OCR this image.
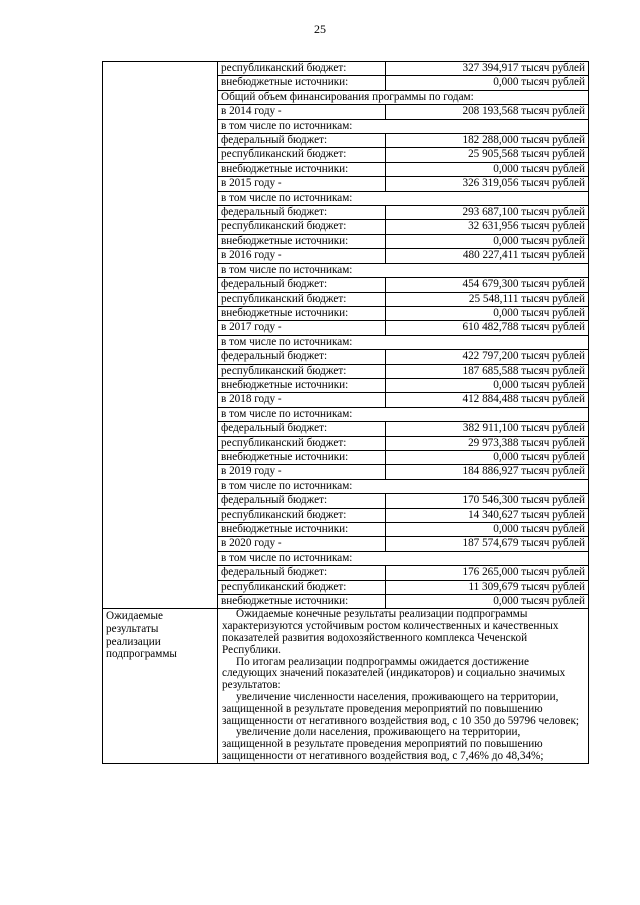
25
	республиканский бюджет:	327 394,917 тысяч рублей
	внебюджетные источники:	0,000 тысяч рублей
	Общий объем финансирования программы по годам:	
	в 2014 году -	208 193,568 тысяч рублей
	в том числе по источникам:	
	федеральный бюджет:	182 288,000 тысяч рублей
	республиканский бюджет:	25 905,568 тысяч рублей
	внебюджетные источники:	0,000 тысяч рублей
	в 2015 году -	326 319,056 тысяч рублей
	в том числе по источникам:	
	федеральный бюджет:	293 687,100 тысяч рублей
	республиканский бюджет:	32 631,956 тысяч рублей
	внебюджетные источники:	0,000 тысяч рублей
	в 2016 году -	480 227,411 тысяч рублей
	в том числе по источникам:	
	федеральный бюджет:	454 679,300 тысяч рублей
	республиканский бюджет:	25 548,111 тысяч рублей
	внебюджетные источники:	0,000 тысяч рублей
	в 2017 году -	610 482,788 тысяч рублей
	в том числе по источникам:	
	федеральный бюджет:	422 797,200 тысяч рублей
	республиканский бюджет:	187 685,588 тысяч рублей
	внебюджетные источники:	0,000 тысяч рублей
	в 2018 году -	412 884,488 тысяч рублей
	в том числе по источникам:	
	федеральный бюджет:	382 911,100 тысяч рублей
	республиканский бюджет:	29 973,388 тысяч рублей
	внебюджетные источники:	0,000 тысяч рублей
	в 2019 году -	184 886,927 тысяч рублей
	в том числе по источникам:	
	федеральный бюджет:	170 546,300 тысяч рублей
	республиканский бюджет:	14 340,627 тысяч рублей
	внебюджетные источники:	0,000 тысяч рублей
	в 2020 году -	187 574,679 тысяч рублей
	в том числе по источникам:	
	федеральный бюджет:	176 265,000 тысяч рублей
	республиканский бюджет:	11 309,679 тысяч рублей
	внебюджетные источники:	0,000 тысяч рублей
Ожидаемые результаты реализации подпрограммы	Ожидаемые конечные результаты реализации подпрограммы характеризуются устойчивым ростом количественных и качественных показателей развития водохозяйственного комплекса Чеченской Республики.

По итогам реализации подпрограммы ожидается достижение следующих значений показателей (индикаторов) и социально значимых результатов:

увеличение численности населения, проживающего на территории, защищенной в результате проведения мероприятий по повышению защищенности от негативного воздействия вод, с 10 350 до 59796 человек;

увеличение доли населения, проживающего на территории, защищенной в результате проведения мероприятий по повышению защищенности от негативного воздействия вод, с 7,46% до 48,34%;	
